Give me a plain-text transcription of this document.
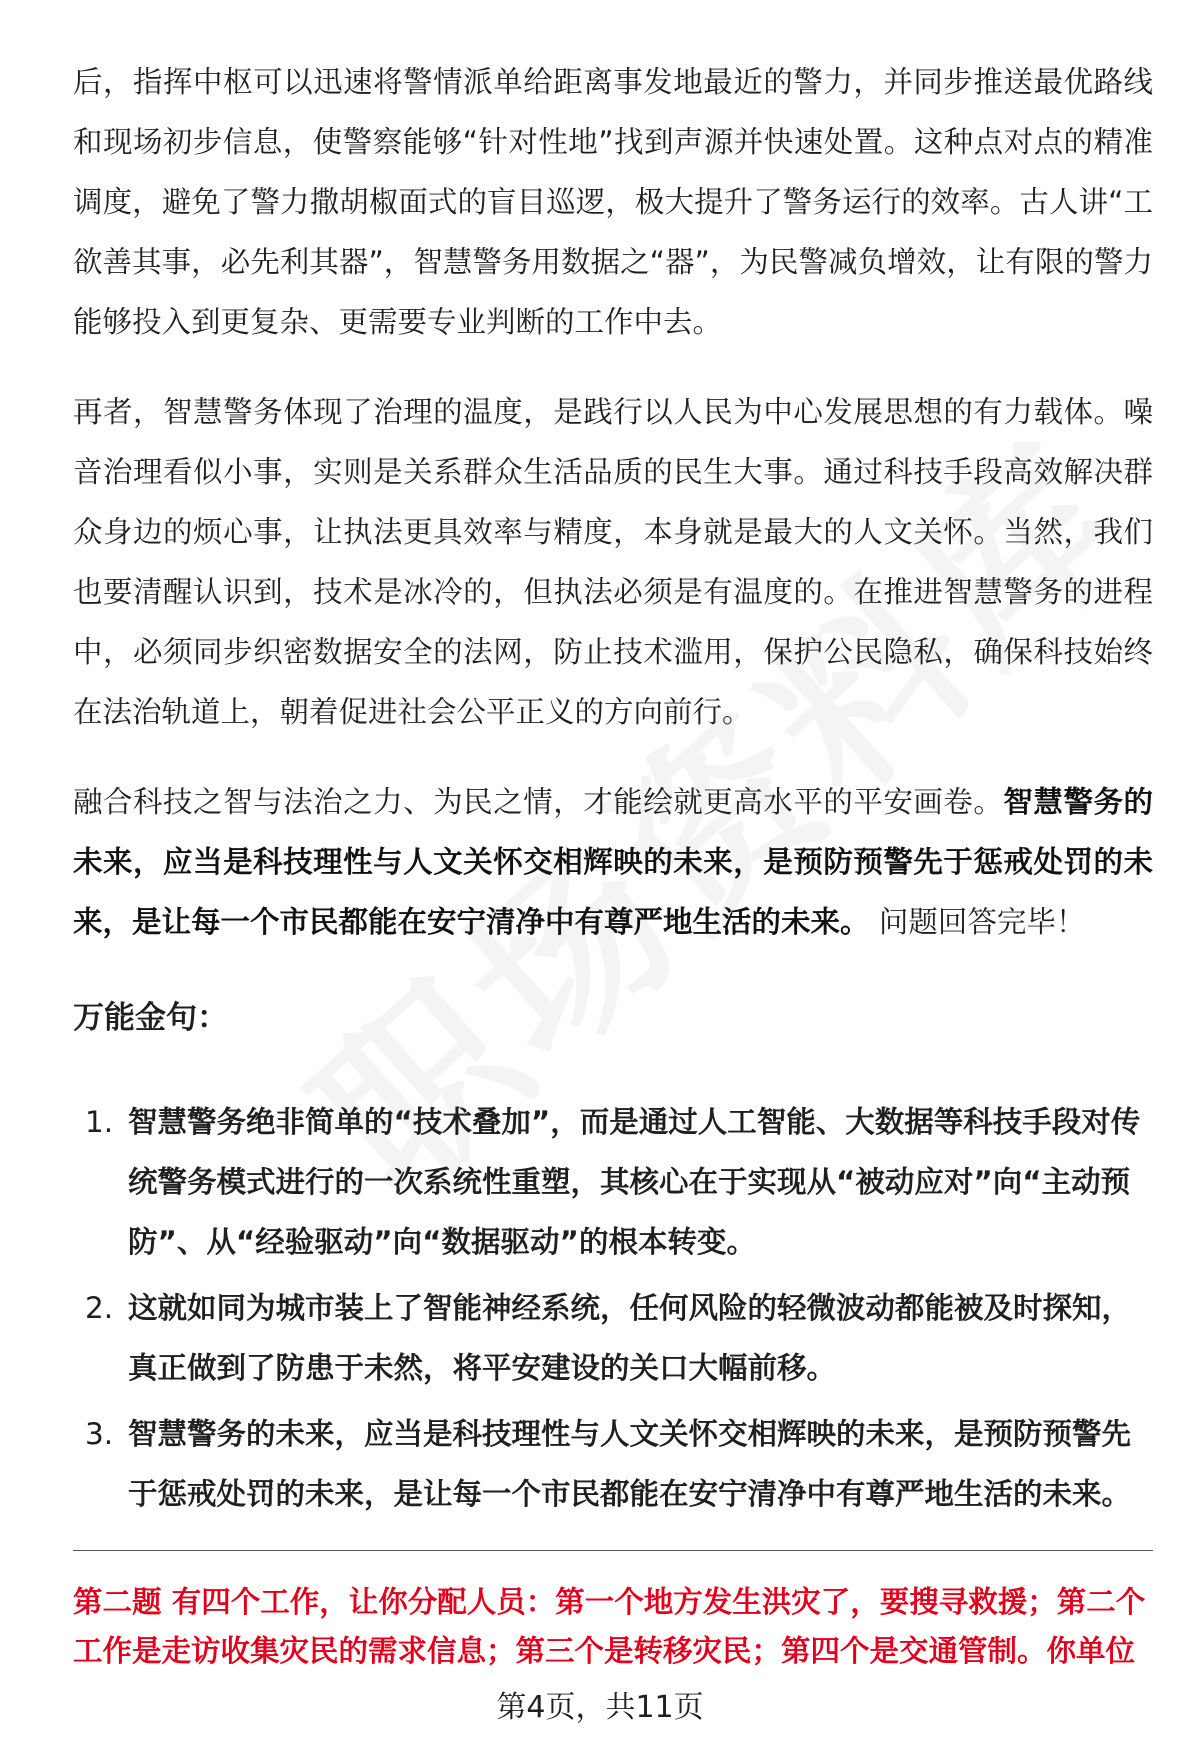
后，指挥中枢可以迅速将警情派单给距离事发地最近的警力，并同步推送最优路线和现场初步信息，使警察能够“针对性地”找到声源并快速处置。这种点对点的精准调度，避免了警力撒胡椒面式的盲目巡逻，极大提升了警务运行的效率。古人讲“工欲善其事，必先利其器”，智慧警务用数据之“器”，为民警减负增效，让有限的警力能够投入到更复杂、更需要专业判断的工作中去。

再者，智慧警务体现了治理的温度，是践行以人民为中心发展思想的有力载体。噪音治理看似小事，实则是关系群众生活品质的民生大事。通过科技手段高效解决群众身边的烦心事，让执法更具效率与精度，本身就是最大的人文关怀。当然，我们也要清醒认识到，技术是冰冷的，但执法必须是有温度的。在推进智慧警务的进程中，必须同步织密数据安全的法网，防止技术滥用，保护公民隐私，确保科技始终在法治轨道上，朝着促进社会公平正义的方向前行。

融合科技之智与法治之力、为民之情，才能绘就更高水平的平安画卷。智慧警务的未来，应当是科技理性与人文关怀交相辉映的未来，是预防预警先于惩戒处罚的未来，是让每一个市民都能在安宁清净中有尊严地生活的未来。 问题回答完毕！

万能金句：
1. 智慧警务绝非简单的“技术叠加”，而是通过人工智能、大数据等科技手段对传统警务模式进行的一次系统性重塑，其核心在于实现从“被动应对”向“主动预防”、从“经验驱动”向“数据驱动”的根本转变。
2. 这就如同为城市装上了智能神经系统，任何风险的轻微波动都能被及时探知，真正做到了防患于未然，将平安建设的关口大幅前移。
3. 智慧警务的未来，应当是科技理性与人文关怀交相辉映的未来，是预防预警先于惩戒处罚的未来，是让每一个市民都能在安宁清净中有尊严地生活的未来。

第二题 有四个工作，让你分配人员：第一个地方发生洪灾了，要搜寻救援；第二个工作是走访收集灾民的需求信息；第三个是转移灾民；第四个是交通管制。你单位

第4页，共11页
